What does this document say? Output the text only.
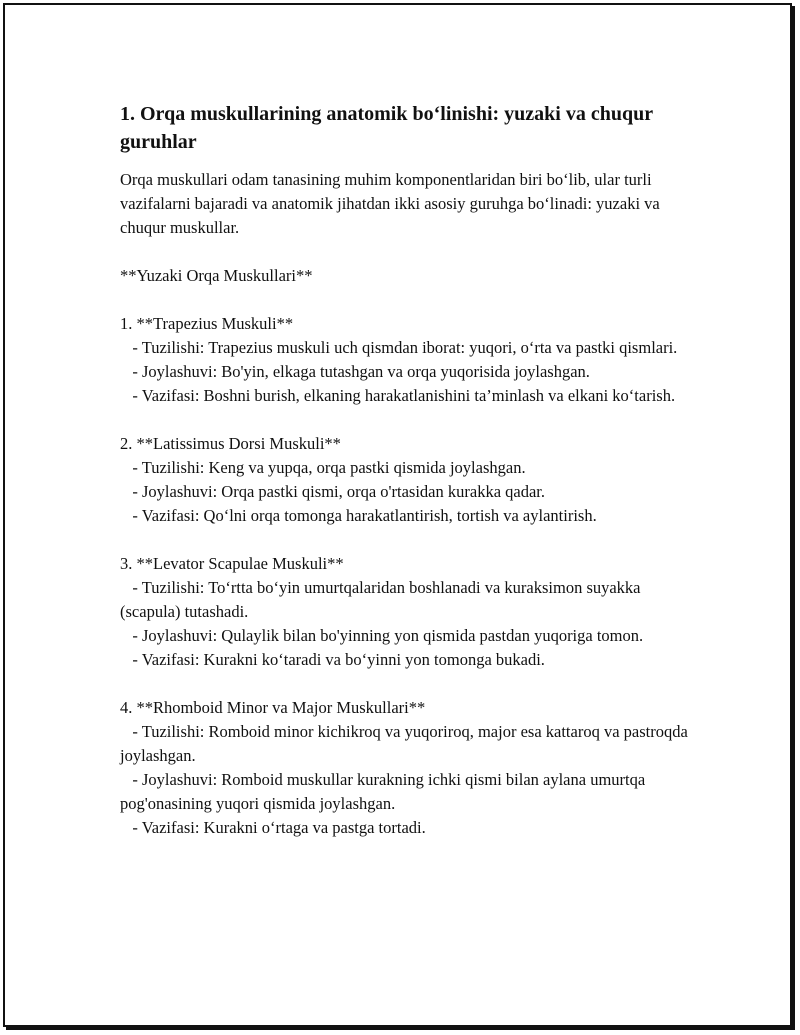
1. Orqa muskullarining anatomik bo‘linishi: yuzaki va chuqur guruhlar

Orqa muskullari odam tanasining muhim komponentlaridan biri bo‘lib, ular turli vazifalarni bajaradi va anatomik jihatdan ikki asosiy guruhga bo‘linadi: yuzaki va chuqur muskullar.

**Yuzaki Orqa Muskullari**

1. **Trapezius Muskuli**

- Tuzilishi: Trapezius muskuli uch qismdan iborat: yuqori, oʻrta va pastki qismlari.

- Joylashuvi: Bo'yin, elkaga tutashgan va orqa yuqorisida joylashgan.

- Vazifasi: Boshni burish, elkaning harakatlanishini ta’minlash va elkani ko‘tarish.

2. **Latissimus Dorsi Muskuli**

- Tuzilishi: Keng va yupqa, orqa pastki qismida joylashgan.

- Joylashuvi: Orqa pastki qismi, orqa o'rtasidan kurakka qadar.

- Vazifasi: Qo‘lni orqa tomonga harakatlantirish, tortish va aylantirish.

3. **Levator Scapulae Muskuli**

- Tuzilishi: To‘rtta bo‘yin umurtqalaridan boshlanadi va kuraksimon suyakka (scapula) tutashadi.

- Joylashuvi: Qulaylik bilan bo'yinning yon qismida pastdan yuqoriga tomon.

- Vazifasi: Kurakni ko‘taradi va bo‘yinni yon tomonga bukadi.

4. **Rhomboid Minor va Major Muskullari**

- Tuzilishi: Romboid minor kichikroq va yuqoriroq, major esa kattaroq va pastroqda joylashgan.

- Joylashuvi: Romboid muskullar kurakning ichki qismi bilan aylana umurtqa pog'onasining yuqori qismida joylashgan.

- Vazifasi: Kurakni oʻrtaga va pastga tortadi.
